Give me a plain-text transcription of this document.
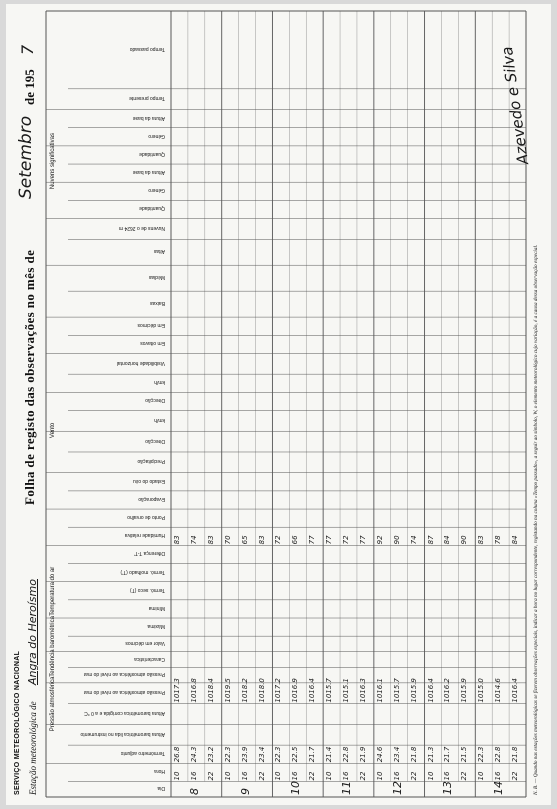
SERVIÇO METEOROLÓGICO NACIONAL Estação meteorológica de
Angra do Heroísmo
Folha de registo das observações no mês de
Setembro
de 195
7
Dia
Hora
Termómetro adjunto
Altura barométrica lida no instrumento
Altura barométrica corrigida e a 0 °C
Pressão atmosférica ao nível do mar
Pressão atmosférica ao nível do mar
Característica
Valor em décimos
Máxima
Mínima
Termó. seco (T)
Termó. molhado (T')
Diferença T-T'
Humidade relativa
Ponto de orvalho
Evaporação
Estado do céu
Precipitação
Direcção
km/h
Direcção
km/h
Visibilidade horizontal
Em oitavos
Em décimos
Baixas
Médias
Altas
Nuvens de o 2624 m
Quantidade
Género
Altura da base
Quantidade
Género
Altura da base
Tempo presente
Tempo passado
Pressão atmosférica
Tendência barométrica
Temperatura do ar
Vento
Nuvens significativas
8
10
26.8
1017.3
83
16
24.3
1016.8
74
22
23.2
1018.4
83
9
10
22.3
1019.5
70
16
23.9
1018.2
65
22
23.4
1018.0
83
10
10
22.3
1017.2
72
16
22.5
1016.9
66
22
21.7
1016.4
77
11
10
21.4
1015.7
77
16
22.8
1015.1
72
22
21.9
1016.3
77
12
10
24.6
1016.1
92
16
23.4
1015.7
90
22
21.8
1015.9
74
13
10
21.3
1016.4
87
16
21.7
1016.2
84
22
21.5
1015.9
90
14
10
22.3
1015.0
83
16
22.8
1014.6
78
22
21.8
1016.4
84	N. B. — Quando nas estações meteorológicas se fizerem observações especiais, indicar a hora no lugar correspondente, registando na coluna «Tempo passado», a seguir ao símbolo, W, o elemento meteorológico cujo variação, é a causa dessa observação especial.
Azevedo e Silva
